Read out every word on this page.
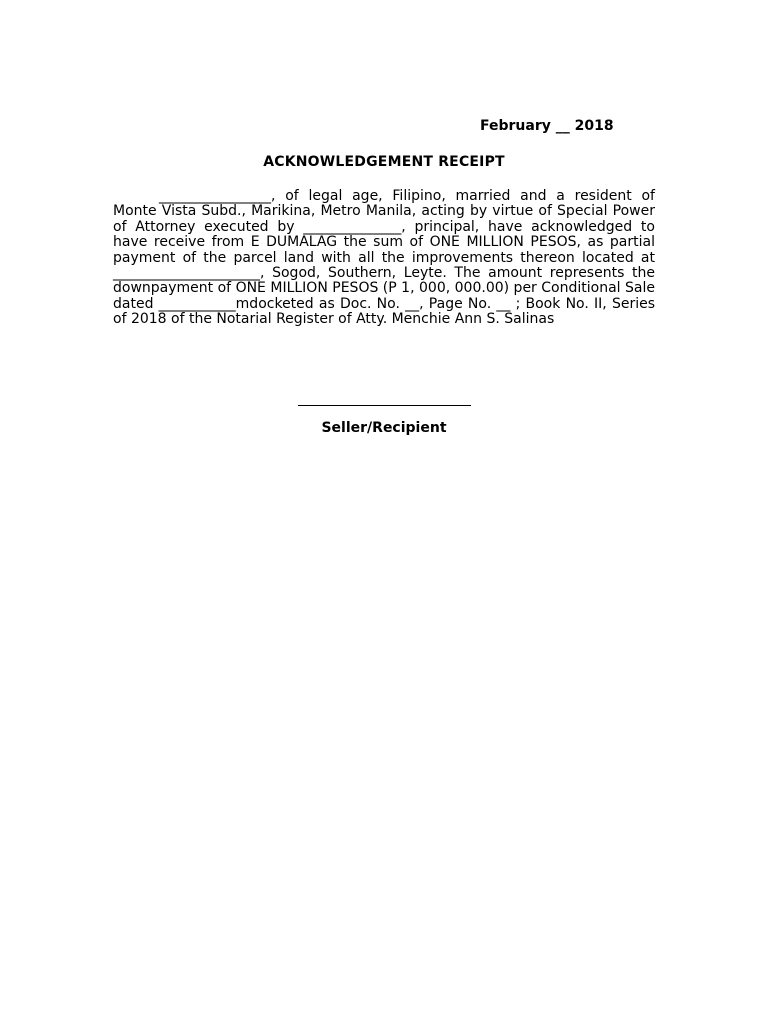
February __ 2018
ACKNOWLEDGEMENT RECEIPT
________________, of legal age, Filipino, married and a resident of Monte Vista Subd., Marikina, Metro Manila, acting by virtue of Special Power of Attorney executed by ______________, principal, have acknowledged to have receive from E DUMALAG the sum of ONE MILLION PESOS, as partial payment of the parcel land with all the improvements thereon located at _____________________, Sogod, Southern, Leyte. The amount represents the downpayment of ONE MILLION PESOS (P 1, 000, 000.00) per Conditional Sale dated ___________mdocketed as Doc. No. __, Page No. __ ; Book No. II, Series of 2018 of the Notarial Register of Atty. Menchie Ann S. Salinas
Seller/Recipient
